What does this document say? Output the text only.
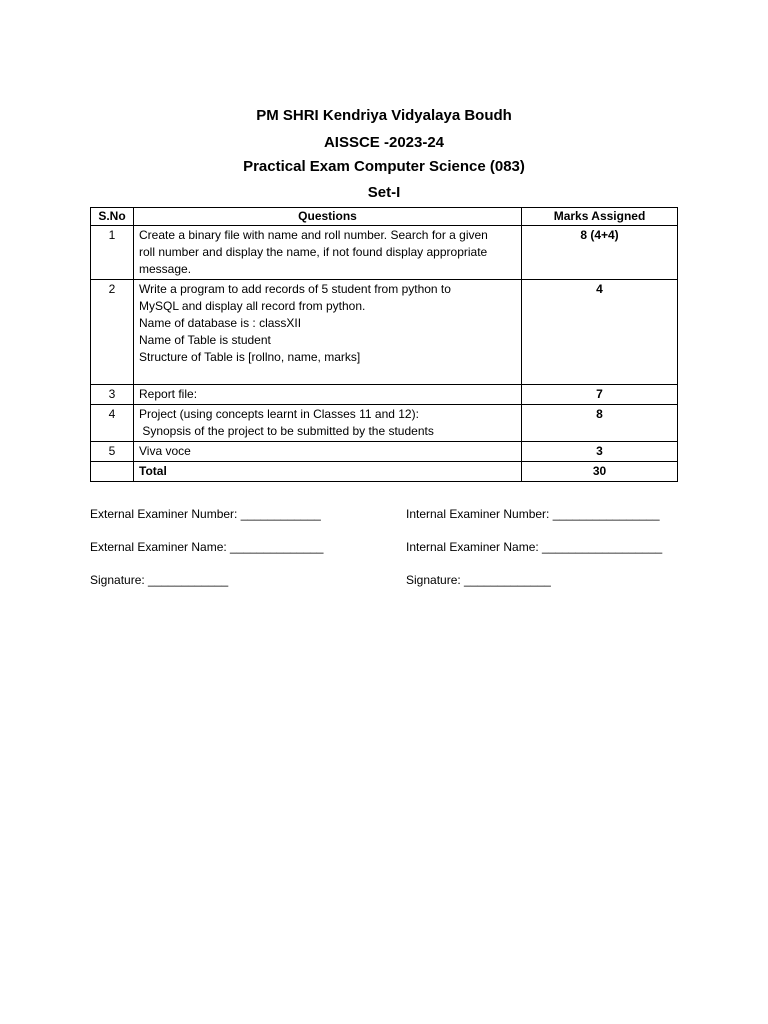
PM SHRI Kendriya Vidyalaya Boudh
AISSCE -2023-24
Practical Exam Computer Science (083)
Set-I
S.No	Questions	Marks Assigned
1	Create a binary file with name and roll number. Search for a given
roll number and display the name, if not found display appropriate
message.	8 (4+4)
2	Write a program to add records of 5 student from python to
MySQL and display all record from python.
Name of database is : classXII
Name of Table is student
Structure of Table is [rollno, name, marks]	4
3	Report file:	7
4	Project (using concepts learnt in Classes 11 and 12):
Synopsis of the project to be submitted by the students	8
5	Viva voce	3
	Total	30
External Examiner Number: ____________	Internal Examiner Number: ________________
External Examiner Name: ______________	Internal Examiner Name: __________________
Signature: ____________	Signature: _____________
